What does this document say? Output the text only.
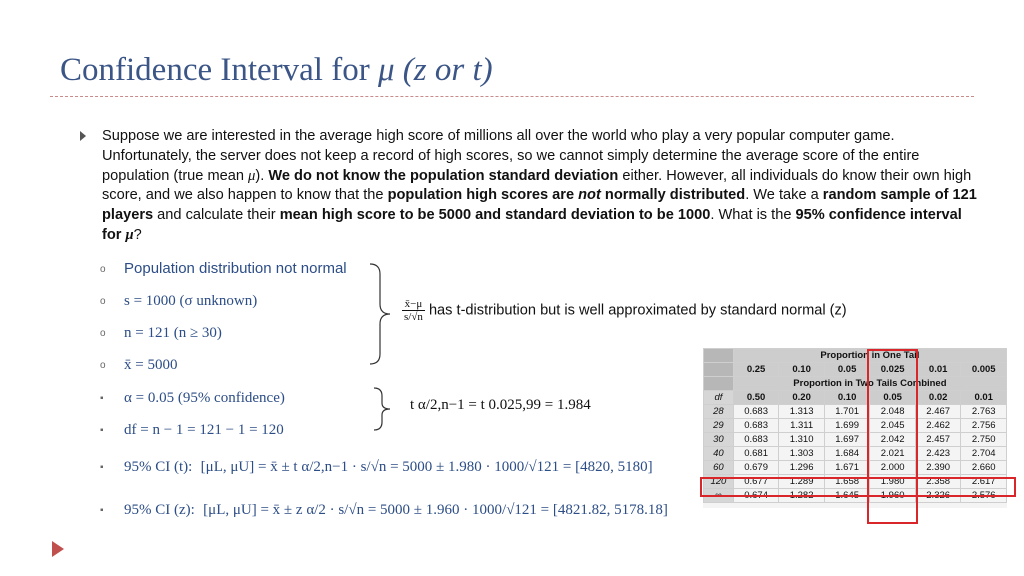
Confidence Interval for μ (z or t)
Suppose we are interested in the average high score of millions all over the world who play a very popular computer game. Unfortunately, the server does not keep a record of high scores, so we cannot simply determine the average score of the entire population (true mean μ). We do not know the population standard deviation either. However, all individuals do know their own high score, and we also happen to know that the population high scores are not normally distributed. We take a random sample of 121 players and calculate their mean high score to be 5000 and standard deviation to be 1000. What is the 95% confidence interval for μ?
o Population distribution not normal
o s = 1000 (σ unknown)
o n = 121 (n ≥ 30)
o x̄ = 5000
▪ α = 0.05 (95% confidence)
▪ df = n − 1 = 121 − 1 = 120
▪ 95% CI (t): [μL, μU] = x̄ ± t α/2,n−1 · s/√n = 5000 ± 1.980 · 1000/√121 = [4820, 5180]
▪ 95% CI (z): [μL, μU] = x̄ ± z α/2 · s/√n = 5000 ± 1.960 · 1000/√121 = [4821.82, 5178.18]
$\frac{x̄-\mu}{s/√n}$ has t-distribution but is well approximated by standard normal (z)
t α/2,n−1 = t 0.025,99 = 1.984
	Proportion in One Tail					
	0.25	0.10	0.05	0.025	0.01	0.005
	Proportion in Two Tails Combined					
df	0.50	0.20	0.10	0.05	0.02	0.01
28	0.683	1.313	1.701	2.048	2.467	2.763
29	0.683	1.311	1.699	2.045	2.462	2.756
30	0.683	1.310	1.697	2.042	2.457	2.750
40	0.681	1.303	1.684	2.021	2.423	2.704
60	0.679	1.296	1.671	2.000	2.390	2.660
120	0.677	1.289	1.658	1.980	2.358	2.617
∞	0.674	1.282	1.645	1.960	2.326	2.576
